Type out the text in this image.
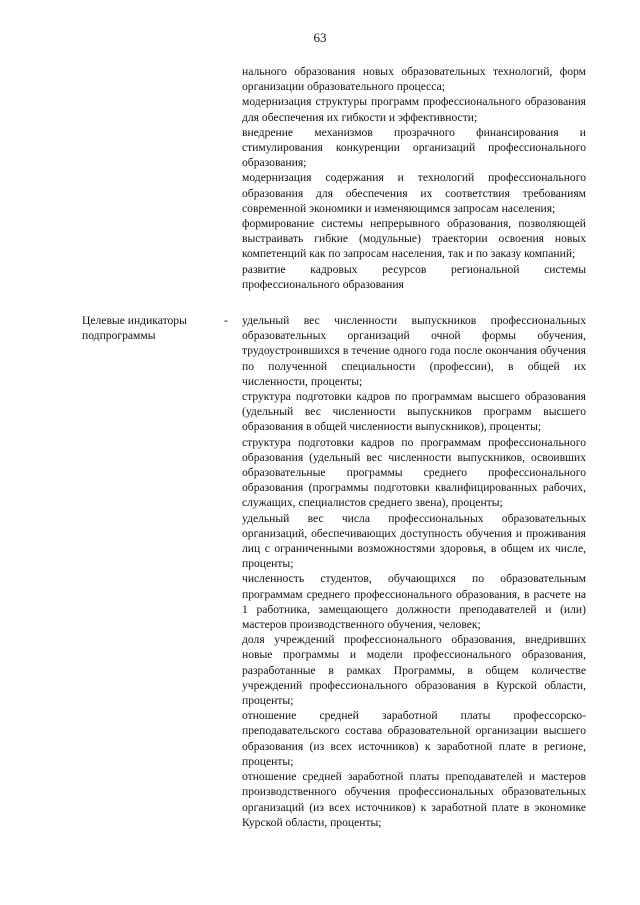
63

нального образования новых образовательных технологий, форм организации образовательного процесса;

модернизация структуры программ профессионального образования для обеспечения их гибкости и эффективности;

внедрение механизмов прозрачного финансирования и стимулирования конкуренции организаций профессионального образования;

модернизация содержания и технологий профессионального образования для обеспечения их соответствия требованиям современной экономики и изменяющимся запросам населения;

формирование системы непрерывного образования, позволяющей выстраивать гибкие (модульные) траектории освоения новых компетенций как по запросам населения, так и по заказу компаний;

развитие кадровых ресурсов региональной системы профессионального образования

Целевые индикаторы
подпрограммы
- удельный вес численности выпускников профессиональных образовательных организаций очной формы обучения, трудоустроившихся в течение одного года после окончания обучения по полученной специальности (профессии), в общей их численности, проценты;

структура подготовки кадров по программам высшего образования (удельный вес численности выпускников программ высшего образования в общей численности выпускников), проценты;

структура подготовки кадров по программам профессионального образования (удельный вес численности выпускников, освоивших образовательные программы среднего профессионального образования (программы подготовки квалифицированных рабочих, служащих, специалистов среднего звена), проценты;

удельный вес числа профессиональных образовательных организаций, обеспечивающих доступность обучения и проживания лиц с ограниченными возможностями здоровья, в общем их числе, проценты;

численность студентов, обучающихся по образовательным программам среднего профессионального образования, в расчете на 1 работника, замещающего должности преподавателей и (или) мастеров производственного обучения, человек;

доля учреждений профессионального образования, внедривших новые программы и модели профессионального образования, разработанные в рамках Программы, в общем количестве учреждений профессионального образования в Курской области, проценты;

отношение средней заработной платы профессорско-преподавательского состава образовательной организации высшего образования (из всех источников) к заработной плате в регионе, проценты;

отношение средней заработной платы преподавателей и мастеров производственного обучения профессиональных образовательных организаций (из всех источников) к заработной плате в экономике Курской области, проценты;
